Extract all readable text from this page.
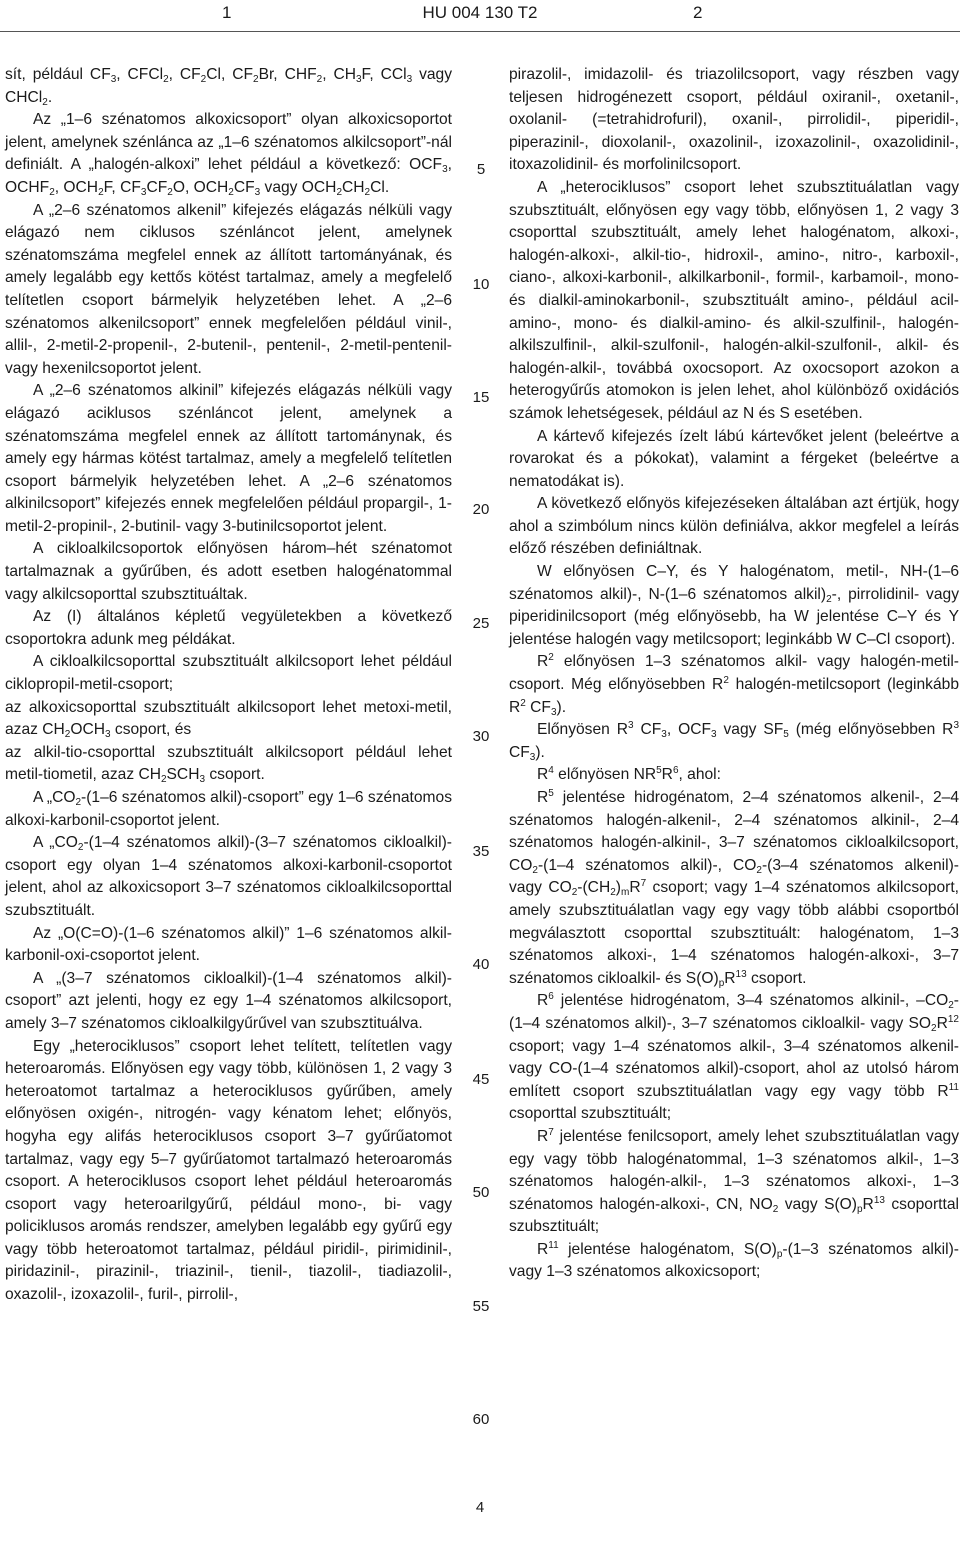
1	HU 004 130 T2	2

sít, például $CF_3$, CFCl$_2$, $CF_2Cl$, $CF_2Br$, $CHF_2$, $CH_3F$, CCl$_3$ vagy CHCl$_2$.

Az „1–6 szénatomos alkoxicsoport” olyan alkoxicsoportot jelent, amelynek szénlánca az „1–6 szénatomos alkilcsoport”-nál definiált. A „halogén-alkoxi” lehet például a következő: $OCF_3$, $OCHF_2$, $OCH_2F$, $CF_3CF_2O$, $OCH_2CF_3$ vagy $OCH_2CH_2Cl$.

A „2–6 szénatomos alkenil” kifejezés elágazás nélküli vagy elágazó nem ciklusos szénláncot jelent, amelynek szénatomszáma megfelel ennek az állított tartományának, és amely legalább egy kettős kötést tartalmaz, amely a megfelelő telítetlen csoport bármelyik helyzetében lehet. A „2–6 szénatomos alkenilcsoport” ennek megfelelően például vinil-, allil-, 2-metil-2-propenil-, 2-butenil-, pentenil-, 2-metil-pentenil- vagy hexenilcsoportot jelent.

A „2–6 szénatomos alkinil” kifejezés elágazás nélküli vagy elágazó aciklusos szénláncot jelent, amelynek a szénatomszáma megfelel ennek az állított tartománynak, és amely egy hármas kötést tartalmaz, amely a megfelelő telítetlen csoport bármelyik helyzetében lehet. A „2–6 szénatomos alkinilcsoport” kifejezés ennek megfelelően például propargil-, 1-metil-2-propinil-, 2-butinil- vagy 3-butinilcsoportot jelent.

A cikloalkilcsoportok előnyösen három–hét szénatomot tartalmaznak a gyűrűben, és adott esetben halogénatommal vagy alkilcsoporttal szubsztituáltak.

Az (I) általános képletű vegyületekben a következő csoportokra adunk meg példákat.

A cikloalkilcsoporttal szubsztituált alkilcsoport lehet például ciklopropil-metil-csoport;

az alkoxicsoporttal szubsztituált alkilcsoport lehet metoxi-metil, azaz $CH_2OCH_3$ csoport, és

az alkil-tio-csoporttal szubsztituált alkilcsoport például lehet metil-tiometil, azaz $CH_2SCH_3$ csoport.

A $„CO_2-(1-6$ szénatomos alkil)-csoport” egy 1–6 szénatomos alkoxi-karbonil-csoportot jelent.

A $„CO_2-(1-4$ szénatomos alkil)-(3–7 szénatomos cikloalkil)-csoport egy olyan 1–4 szénatomos alkoxi-karbonil-csoportot jelent, ahol az alkoxicsoport 3–7 szénatomos cikloalkilcsoporttal szubsztituált.

Az „O(C=O)-(1–6 szénatomos alkil)” 1–6 szénatomos alkil-karbonil-oxi-csoportot jelent.

A „(3–7 szénatomos cikloalkil)-(1–4 szénatomos alkil)-csoport” azt jelenti, hogy ez egy 1–4 szénatomos alkilcsoport, amely 3–7 szénatomos cikloalkilgyűrűvel van szubsztituálva.

Egy „heterociklusos” csoport lehet telített, telítetlen vagy heteroaromás. Előnyösen egy vagy több, különösen 1, 2 vagy 3 heteroatomot tartalmaz a heterociklusos gyűrűben, amely előnyösen oxigén-, nitrogén- vagy kénatom lehet; előnyös, hogyha egy alifás heterociklusos csoport 3–7 gyűrűatomot tartalmaz, vagy egy 5–7 gyűrűatomot tartalmazó heteroaromás csoport. A heterociklusos csoport lehet például heteroaromás csoport vagy heteroarilgyűrű, például mono-, bi- vagy policiklusos aromás rendszer, amelyben legalább egy gyűrű egy vagy több heteroatomot tartalmaz, például piridil-, pirimidinil-, piridazinil-, pirazinil-, triazinil-, tienil-, tiazolil-, tiadiazolil-, oxazolil-, izoxazolil-, furil-, pirrolil-,

pirazolil-, imidazolil- és triazolilcsoport, vagy részben vagy teljesen hidrogénezett csoport, például oxiranil-, oxetanil-, oxolanil- (=tetrahidrofuril), oxanil-, pirrolidil-, piperidil-, piperazinil-, dioxolanil-, oxazolinil-, izoxazolinil-, oxazolidinil-, itoxazolidinil- és morfolinilcsoport.

A „heterociklusos” csoport lehet szubsztituálatlan vagy szubsztituált, előnyösen egy vagy több, előnyösen 1, 2 vagy 3 csoporttal szubsztituált, amely lehet halogénatom, alkoxi-, halogén-alkoxi-, alkil-tio-, hidroxil-, amino-, nitro-, karboxil-, ciano-, alkoxi-karbonil-, alkilkarbonil-, formil-, karbamoil-, mono- és dialkil-aminokarbonil-, szubsztituált amino-, például acil-amino-, mono- és dialkil-amino- és alkil-szulfinil-, halogén-alkilszulfinil-, alkil-szulfonil-, halogén-alkil-szulfonil-, alkil- és halogén-alkil-, továbbá oxocsoport. Az oxocsoport azokon a heterogyűrűs atomokon is jelen lehet, ahol különböző oxidációs számok lehetségesek, például az N és S esetében.

A kártevő kifejezés ízelt lábú kártevőket jelent (beleértve a rovarokat és a pókokat), valamint a férgeket (beleértve a nematodákat is).

A következő előnyös kifejezéseken általában azt értjük, hogy ahol a szimbólum nincs külön definiálva, akkor megfelel a leírás előző részében definiáltnak.

W előnyösen C–Y, és Y halogénatom, metil-, NH-(1–6 szénatomos alkil)-, N-(1–6 szénatomos $alkil)_2-$, pirrolidinil- vagy piperidinilcsoport (még előnyösebb, ha W jelentése C–Y és Y jelentése halogén vagy metilcsoport; leginkább W C–Cl csoport).

$R^2$ előnyösen 1–3 szénatomos alkil- vagy halogén-metil-csoport. Még előnyösebben $R^2$ halogén-metilcsoport (leginkább $R^2$ $CF_3$).

Előnyösen $R^3$ $CF_3$, $OCF_3$ vagy $SF_5$ (még előnyösebben $R^3$ $CF_3$).

$R^4$ előnyösen $NR^5R^6$, ahol:

$R^5$ jelentése hidrogénatom, 2–4 szénatomos alkenil-, 2–4 szénatomos halogén-alkenil-, 2–4 szénatomos alkinil-, 2–4 szénatomos halogén-alkinil-, 3–7 szénatomos cikloalkilcsoport, $CO_2-(1-4$ szénatomos alkil)-, $CO_2-(3-4$ szénatomos alkenil)- vagy $CO_2-(CH_2)_mR^7$ csoport; vagy 1–4 szénatomos alkilcsoport, amely szubsztituálatlan vagy egy vagy több alábbi csoportból megválasztott csoporttal szubsztituált: halogénatom, 1–3 szénatomos alkoxi-, 1–4 szénatomos halogén-alkoxi-, 3–7 szénatomos cikloalkil- és $S(O)_pR^{13}$ csoport.

$R^6$ jelentése hidrogénatom, 3–4 szénatomos alkinil-, $-CO_2-(1-4$ szénatomos alkil)-, 3–7 szénatomos cikloalkil- vagy $SO_2R^{12}$ csoport; vagy 1–4 szénatomos alkil-, 3–4 szénatomos alkenil- vagy CO-(1–4 szénatomos alkil)-csoport, ahol az utolsó három említett csoport szubsztituálatlan vagy egy vagy több $R^{11}$ csoporttal szubsztituált;

$R^7$ jelentése fenilcsoport, amely lehet szubsztituálatlan vagy egy vagy több halogénatommal, 1–3 szénatomos alkil-, 1–3 szénatomos halogén-alkil-, 1–3 szénatomos alkoxi-, 1–3 szénatomos halogén-alkoxi-, CN, $NO_2$ vagy $S(O)_pR^{13}$ csoporttal szubsztituált;

$R^{11}$ jelentése halogénatom, $S(O)_p-(1-3$ szénatomos alkil)- vagy 1–3 szénatomos alkoxicsoport;

5
10
15
20
25
30
35
40
45
50
55
60
4
